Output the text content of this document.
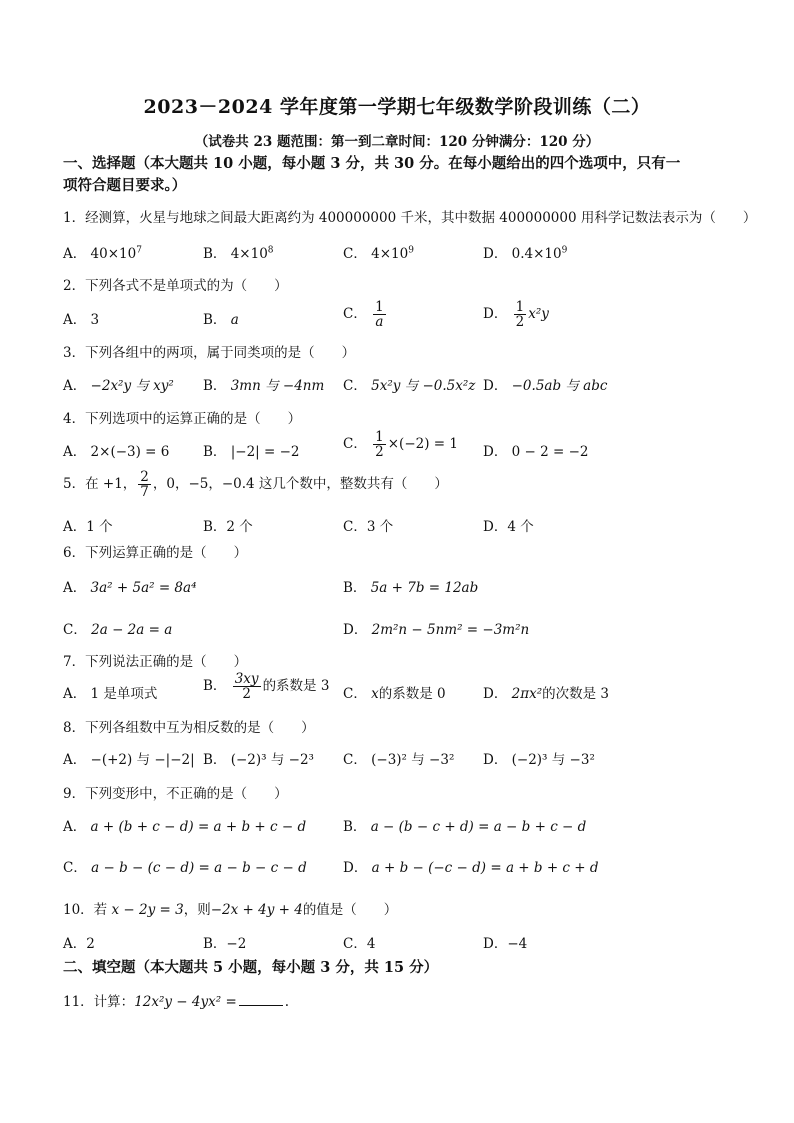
2023－2024 学年度第一学期七年级数学阶段训练（二）
（试卷共 23 题范围：第一到二章时间：120 分钟满分：120 分）
一、选择题（本大题共 10 小题，每小题 3 分，共 30 分。在每小题给出的四个选项中，只有一
项符合题目要求。）
1．经测算，火星与地球之间最大距离约为 400000000 千米，其中数据 400000000 用科学记数法表示为（　　）
A． $40\times 10^7$	B． $4\times 10^8$	C． $4\times 10^9$	D． $0.4\times 10^9$
2．下列各式不是单项式的为（　　）
A． 3	B． a	C． $\frac{1}{a}$	D． $\frac{1}{2} x^2y$
3．下列各组中的两项，属于同类项的是（　　）
A． −2x²y 与 xy² B． 3mn 与 −4nm C． 5x²y 与 −0.5x²z D． −0.5ab 与 abc
4．下列选项中的运算正确的是（　　）
A． 2×(−3) = 6 B． |−2| = −2	C． $\frac{1}{2} \times(-2) = 1$ D． 0 − 2 = −2
5．在 +1， $\frac{2}{7}$ ，0，−5，−0.4 这几个数中，整数共有（　　）
A．1 个	B．2 个	C．3 个	D．4 个
6．下列运算正确的是（　　）
A． 3a² + 5a² = 8a⁴	B． 5a + 7b = 12ab
C． 2a − 2a = a	D． 2m²n − 5nm² = −3m²n
7．下列说法正确的是（　　）
A． 1 是单项式	B． $\frac{3xy}{2}$ 的系数是 3 C． x的系数是 0	D． 2πx²的次数是 3
8．下列各组数中互为相反数的是（　　）
A． −(+2) 与 −|−2| B． (−2)³ 与 −2³ C． (−3)² 与 −3² D． (−2)³ 与 −3²
9．下列变形中，不正确的是（　　）
A． a + (b + c − d) = a + b + c − d	B． a − (b − c + d) = a − b + c − d
C． a − b − (c − d) = a − b − c − d	D． a + b − (−c − d) = a + b + c + d
10．若 x − 2y = 3，则−2x + 4y + 4的值是（　　）
A．2	B．−2	C．4	D．−4
二、填空题（本大题共 5 小题，每小题 3 分，共 15 分）
11．计算：12x²y − 4yx² =	.
